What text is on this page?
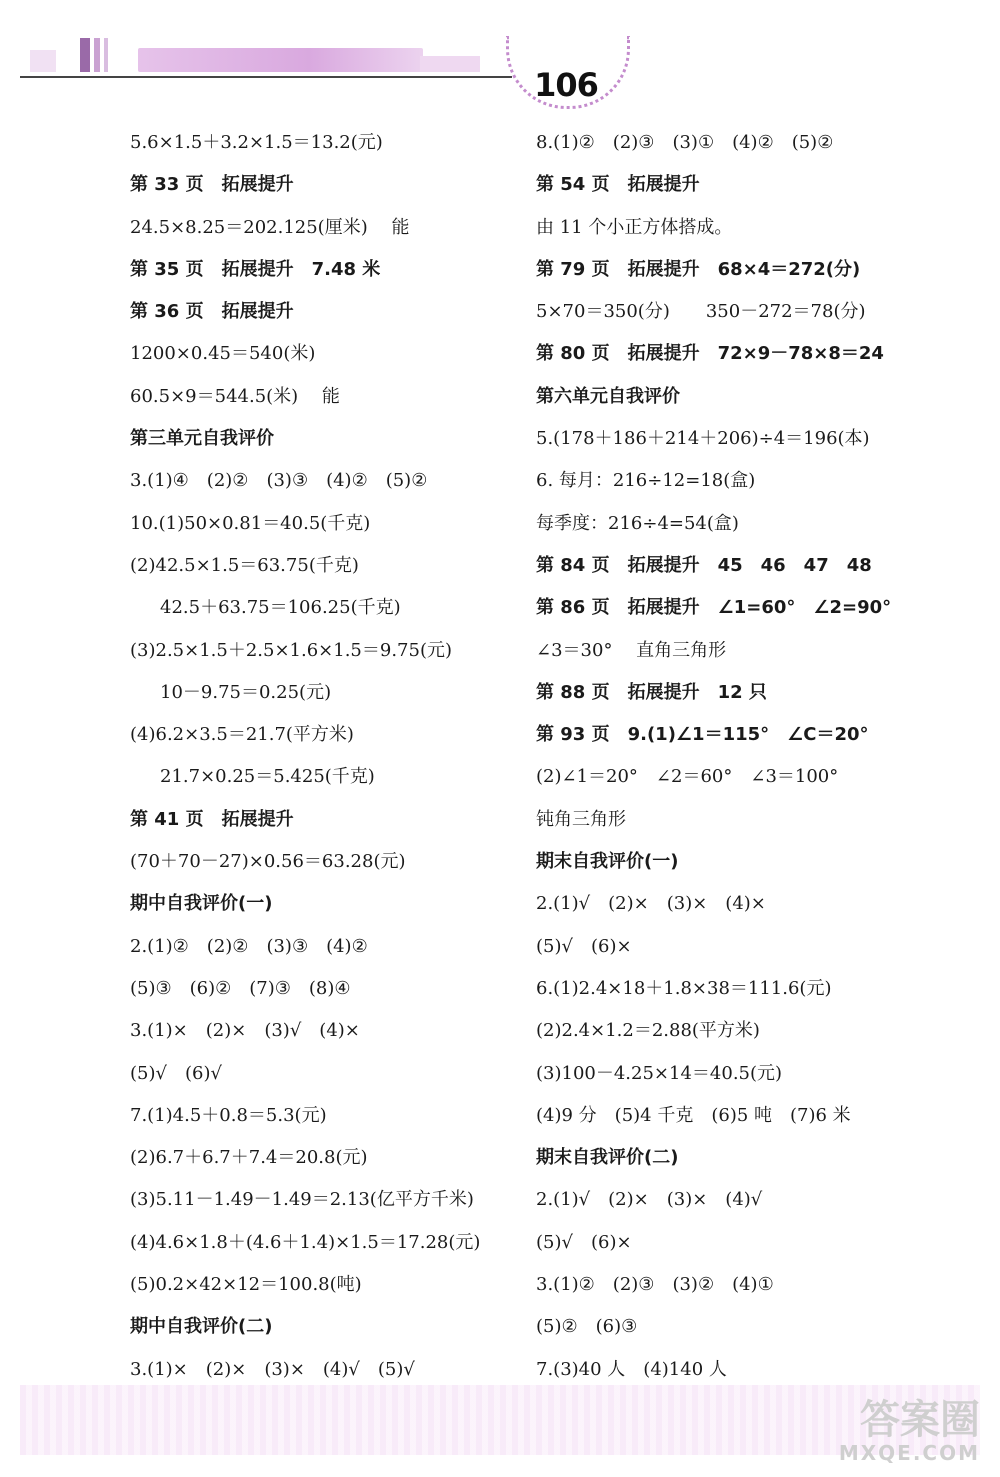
106
5.6×1.5＋3.2×1.5＝13.2(元)
第 33 页　拓展提升
24.5×8.25＝202.125(厘米)　 能
第 35 页　拓展提升　7.48 米
第 36 页　拓展提升
1200×0.45＝540(米)
60.5×9＝544.5(米)　 能
第三单元自我评价
3.(1)④　(2)②　(3)③　(4)②　(5)②
10.(1)50×0.81＝40.5(千克)
(2)42.5×1.5＝63.75(千克)
42.5＋63.75＝106.25(千克)
(3)2.5×1.5＋2.5×1.6×1.5＝9.75(元)
10－9.75＝0.25(元)
(4)6.2×3.5＝21.7(平方米)
21.7×0.25＝5.425(千克)
第 41 页　拓展提升
(70＋70－27)×0.56＝63.28(元)
期中自我评价(一)
2.(1)②　(2)②　(3)③　(4)②
(5)③　(6)②　(7)③　(8)④
3.(1)×　(2)×　(3)√　(4)×
(5)√　(6)√
7.(1)4.5＋0.8＝5.3(元)
(2)6.7＋6.7＋7.4＝20.8(元)
(3)5.11－1.49－1.49＝2.13(亿平方千米)
(4)4.6×1.8＋(4.6＋1.4)×1.5＝17.28(元)
(5)0.2×42×12＝100.8(吨)
期中自我评价(二)
3.(1)×　(2)×　(3)×　(4)√　(5)√
8.(1)②　(2)③　(3)①　(4)②　(5)②
第 54 页　拓展提升
由 11 个小正方体搭成。
第 79 页　拓展提升　68×4＝272(分)
5×70＝350(分)　　350－272＝78(分)
第 80 页　拓展提升　72×9－78×8＝24
第六单元自我评价
5.(178＋186＋214＋206)÷4＝196(本)
6. 每月：216÷12=18(盒)
每季度：216÷4=54(盒)
第 84 页　拓展提升　45　46　47　48
第 86 页　拓展提升　∠1=60°　∠2=90°
∠3＝30°　 直角三角形
第 88 页　拓展提升　12 只
第 93 页　9.(1)∠1＝115°　∠C＝20°
(2)∠1＝20°　∠2＝60°　∠3＝100°
钝角三角形
期末自我评价(一)
2.(1)√　(2)×　(3)×　(4)×
(5)√　(6)×
6.(1)2.4×18＋1.8×38＝111.6(元)
(2)2.4×1.2＝2.88(平方米)
(3)100－4.25×14＝40.5(元)
(4)9 分　(5)4 千克　(6)5 吨　(7)6 米
期末自我评价(二)
2.(1)√　(2)×　(3)×　(4)√
(5)√　(6)×
3.(1)②　(2)③　(3)②　(4)①
(5)②　(6)③
7.(3)40 人　(4)140 人
答案圈
MXQE.COM
